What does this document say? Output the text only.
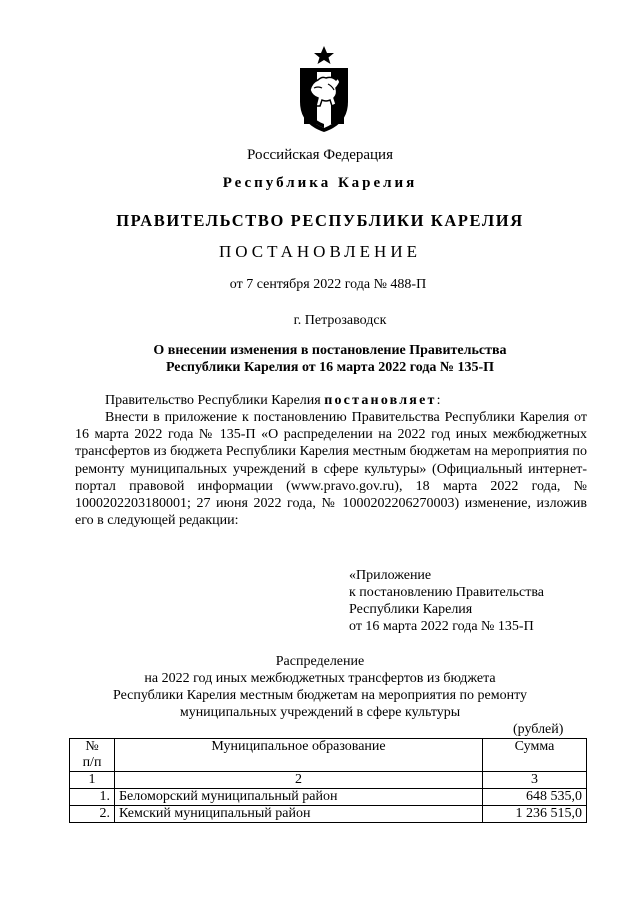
Российская Федерация
Республика Карелия
ПРАВИТЕЛЬСТВО РЕСПУБЛИКИ КАРЕЛИЯ
ПОСТАНОВЛЕНИЕ
от 7 сентября 2022 года № 488-П
г. Петрозаводск
О внесении изменения в постановление Правительства
Республики Карелия от 16 марта 2022 года № 135-П
Правительство Республики Карелия постановляет:
Внести в приложение к постановлению Правительства Республики Карелия от 16 марта 2022 года № 135-П «О распределении на 2022 год иных межбюджетных трансфертов из бюджета Республики Карелия местным бюджетам на мероприятия по ремонту муниципальных учреждений в сфере культуры» (Официальный интернет-портал правовой информации (www.pravo.gov.ru), 18 марта 2022 года, № 1000202203180001; 27 июня 2022 года, № 1000202206270003) изменение, изложив его в следующей редакции:
«Приложение
к постановлению Правительства
Республики Карелия
от 16 марта 2022 года № 135-П
Распределение
на 2022 год иных межбюджетных трансфертов из бюджета
Республики Карелия местным бюджетам на мероприятия по ремонту
муниципальных учреждений в сфере культуры
(рублей)
№
п/п	Муниципальное образование	Сумма
1	2	3
1.	Беломорский муниципальный район	648 535,0
2.	Кемский муниципальный район	1 236 515,0
